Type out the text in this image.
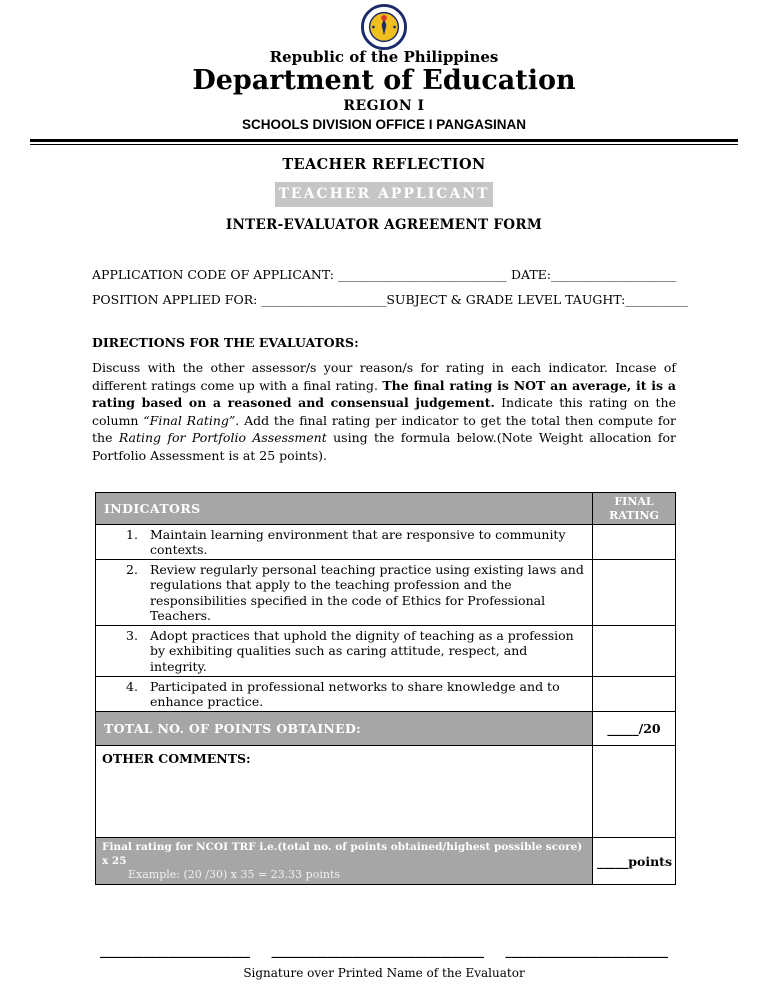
Republic of the Philippines
Department of Education
REGION I
SCHOOLS DIVISION OFFICE I PANGASINAN
TEACHER REFLECTION
TEACHER APPLICANT
INTER-EVALUATOR AGREEMENT FORM
APPLICATION CODE OF APPLICANT: ___________________________ DATE:____________________
POSITION APPLIED FOR: ____________________ SUBJECT & GRADE LEVEL TAUGHT:__________
DIRECTIONS FOR THE EVALUATORS:
Discuss with the other assessor/s your reason/s for rating in each indicator. Incase of different ratings come up with a final rating. The final rating is NOT an average, it is a rating based on a reasoned and consensual judgement. Indicate this rating on the column “Final Rating”. Add the final rating per indicator to get the total then compute for the Rating for Portfolio Assessment using the formula below.(Note Weight allocation for Portfolio Assessment is at 25 points).
INDICATORS	FINAL RATING

1. Maintain learning environment that are responsive to community contexts.	

2. Review regularly personal teaching practice using existing laws and regulations that apply to the teaching profession and the responsibilities specified in the code of Ethics for Professional Teachers.	

3. Adopt practices that uphold the dignity of teaching as a profession by exhibiting qualities such as caring attitude, respect, and integrity.	

4. Participated in professional networks to share knowledge and to enhance practice.	

TOTAL NO. OF POINTS OBTAINED:	_____/20
OTHER COMMENTS:	

Final rating for NCOI TRF i.e.(total no. of points obtained/highest possible score) x 25
Example: (20 /30) x 35 = 23.33 points	_____points
________________________ __________________________________ __________________________
Signature over Printed Name of the Evaluator
